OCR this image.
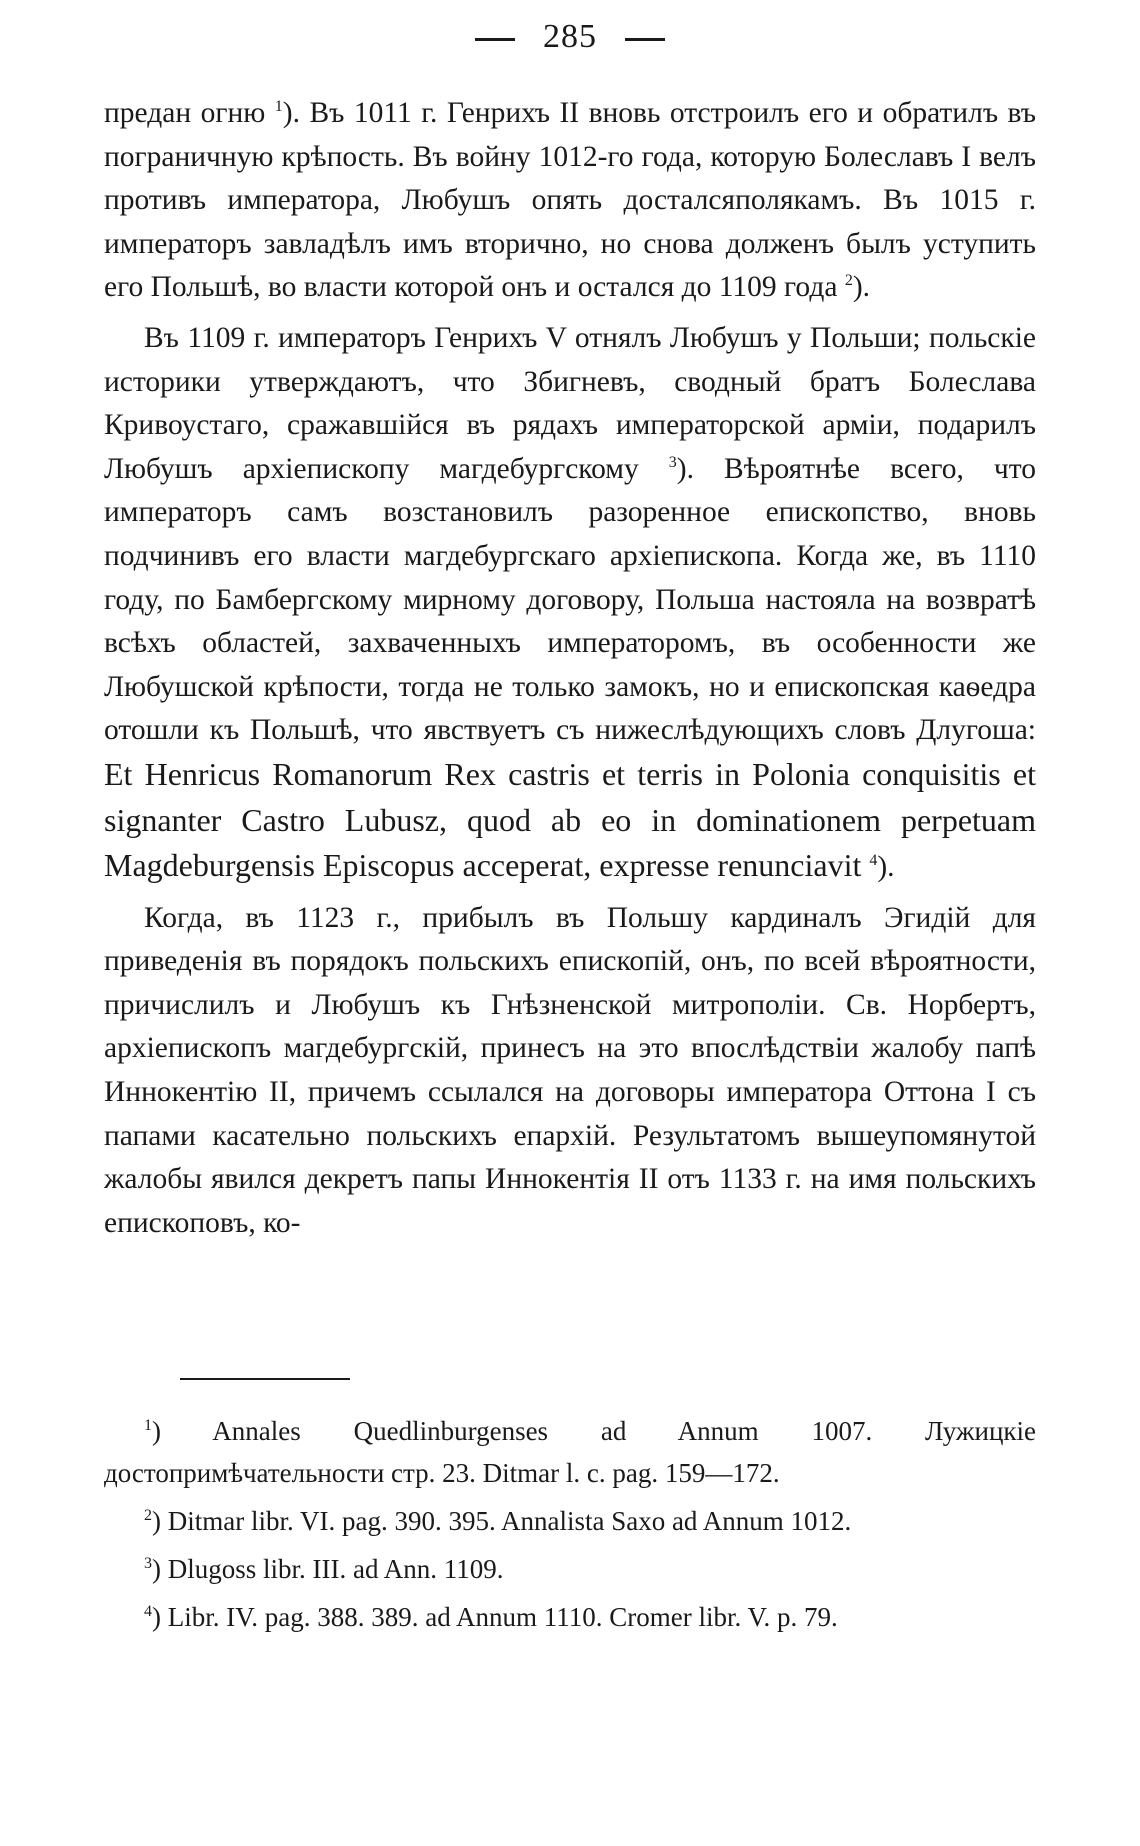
285

предан огню $^1$). Въ 1011 г. Генрихъ II вновь отстроилъ его и обратилъ въ пограничную крѣпость. Въ войну 1012-го года, которую Болеславъ I велъ противъ императора, Любушъ опять досталсяполякамъ. Въ 1015 г. императоръ завладѣлъ имъ вторично, но снова долженъ былъ уступить его Польшѣ, во власти которой онъ и остался до 1109 года $^2$).

Въ 1109 г. императоръ Генрихъ V отнялъ Любушъ у Польши; польскіе историки утверждаютъ, что Збигневъ, сводный братъ Болеслава Кривоустаго, сражавшійся въ рядахъ императорской арміи, подарилъ Любушъ архіепископу магдебургскому $^3$). Вѣроятнѣе всего, что императоръ самъ возстановилъ разоренное епископство, вновь подчинивъ его власти магдебургскаго архіепископа. Когда же, въ 1110 году, по Бамбергскому мирному договору, Польша настояла на возвратѣ всѣхъ областей, захваченныхъ императоромъ, въ особенности же Любушской крѣпости, тогда не только замокъ, но и епископская каѳедра отошли къ Польшѣ, что явствуетъ съ нижеслѣдующихъ словъ Длугоша: Et Henricus Romanorum Rex castris et terris in Polonia conquisitis et signanter Castro Lubusz, quod ab eo in dominationem perpetuam Magdeburgensis Episcopus acceperat, expresse renunciavit $^4$).

Когда, въ 1123 г., прибылъ въ Польшу кардиналъ Эгидій для приведенія въ порядокъ польскихъ епископій, онъ, по всей вѣроятности, причислилъ и Любушъ къ Гнѣзненской митрополіи. Св. Норбертъ, архіепископъ магдебургскій, принесъ на это впослѣдствіи жалобу папѣ Иннокентію II, причемъ ссылался на договоры императора Оттона I съ папами касательно польскихъ епархій. Результатомъ вышеупомянутой жалобы явился декретъ папы Иннокентія II отъ 1133 г. на имя польскихъ епископовъ, ко-

$^1$) Annales Quedlinburgenses ad Annum 1007. Лужицкіе достопримѣчательности стр. 23. Ditmar l. c. pag. 159—172.
$^2$) Ditmar libr. VI. pag. 390. 395. Annalista Saxo ad Annum 1012.
$^3$) Dlugoss libr. III. ad Ann. 1109.
$^4$) Libr. IV. pag. 388. 389. ad Annum 1110. Cromer libr. V. p. 79.
